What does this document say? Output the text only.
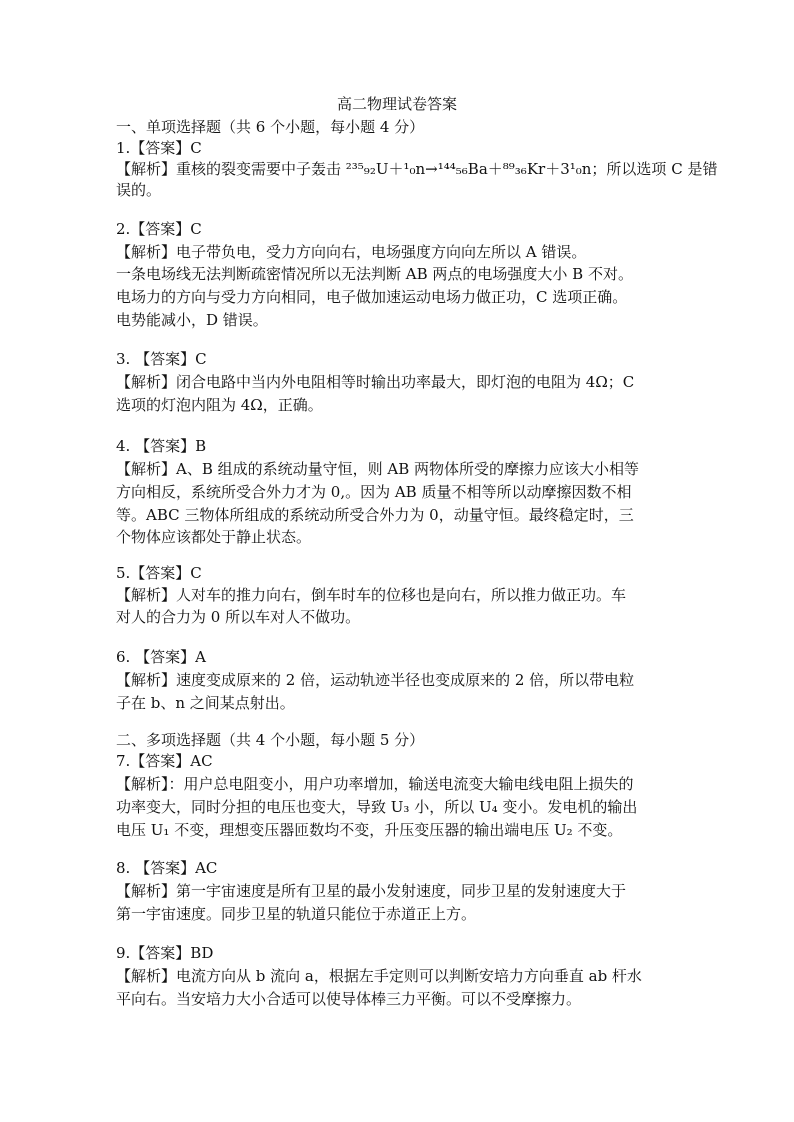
高二物理试卷答案
一、单项选择题（共 6 个小题，每小题 4 分）
1.【答案】C
【解析】重核的裂变需要中子轰击 ²³⁵₉₂U＋¹₀n→¹⁴⁴₅₆Ba＋⁸⁹₃₆Kr＋3¹₀n；所以选项 C 是错
误的。
2.【答案】C
【解析】电子带负电，受力方向向右，电场强度方向向左所以 A 错误。
一条电场线无法判断疏密情况所以无法判断 AB 两点的电场强度大小 B 不对。
电场力的方向与受力方向相同，电子做加速运动电场力做正功，C 选项正确。
电势能减小，D 错误。
3. 【答案】C
【解析】闭合电路中当内外电阻相等时输出功率最大，即灯泡的电阻为 4Ω；C
选项的灯泡内阻为 4Ω，正确。
4. 【答案】B
【解析】A、B 组成的系统动量守恒，则 AB 两物体所受的摩擦力应该大小相等
方向相反，系统所受合外力才为 0,。因为 AB 质量不相等所以动摩擦因数不相
等。ABC 三物体所组成的系统动所受合外力为 0，动量守恒。最终稳定时，三
个物体应该都处于静止状态。
5.【答案】C
【解析】人对车的推力向右，倒车时车的位移也是向右，所以推力做正功。车
对人的合力为 0 所以车对人不做功。
6. 【答案】A
【解析】速度变成原来的 2 倍，运动轨迹半径也变成原来的 2 倍，所以带电粒
子在 b、n 之间某点射出。
二、多项选择题（共 4 个小题，每小题 5 分）
7.【答案】AC
【解析】：用户总电阻变小，用户功率增加，输送电流变大输电线电阻上损失的
功率变大，同时分担的电压也变大，导致 U₃ 小，所以 U₄ 变小。发电机的输出
电压 U₁ 不变，理想变压器匝数均不变，升压变压器的输出端电压 U₂ 不变。
8. 【答案】AC
【解析】第一宇宙速度是所有卫星的最小发射速度，同步卫星的发射速度大于
第一宇宙速度。同步卫星的轨道只能位于赤道正上方。
9.【答案】BD
【解析】电流方向从 b 流向 a，根据左手定则可以判断安培力方向垂直 ab 杆水
平向右。当安培力大小合适可以使导体棒三力平衡。可以不受摩擦力。
